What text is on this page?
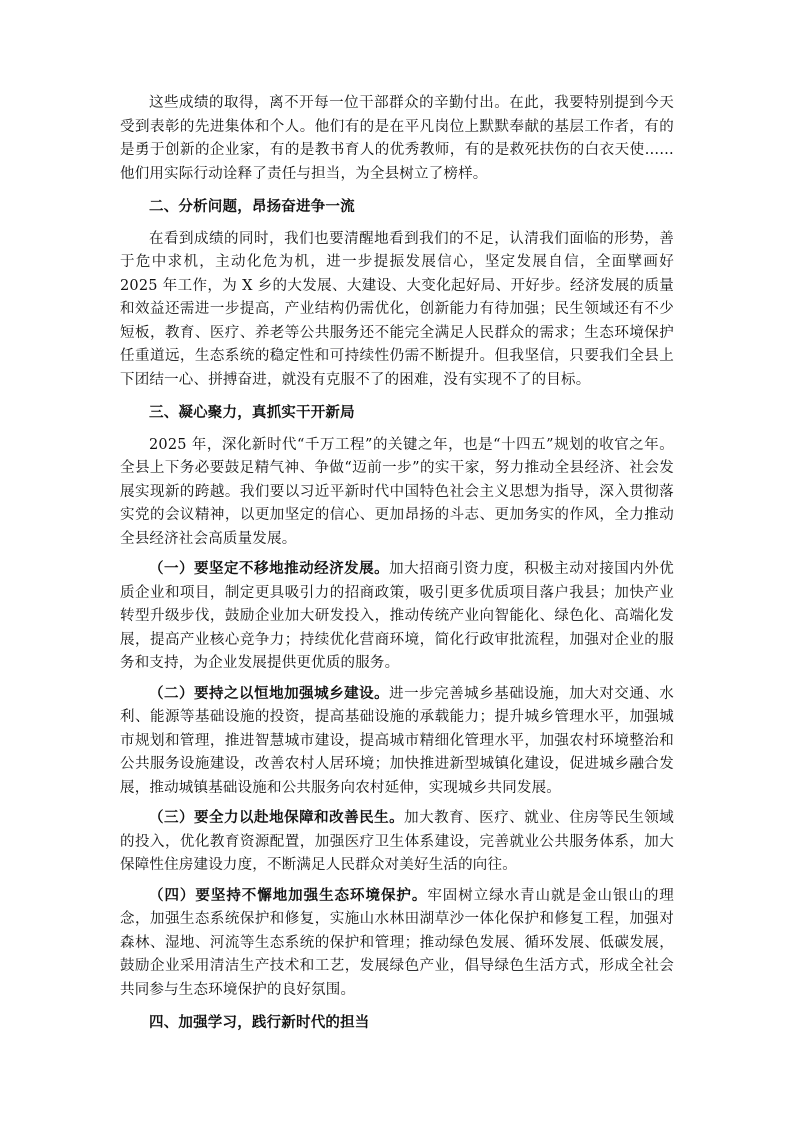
这些成绩的取得，离不开每一位干部群众的辛勤付出。在此，我要特别提到今天受到表彰的先进集体和个人。他们有的是在平凡岗位上默默奉献的基层工作者，有的是勇于创新的企业家，有的是教书育人的优秀教师，有的是救死扶伤的白衣天使……他们用实际行动诠释了责任与担当，为全县树立了榜样。

二、分析问题，昂扬奋进争一流

在看到成绩的同时，我们也要清醒地看到我们的不足，认清我们面临的形势，善于危中求机，主动化危为机，进一步提振发展信心，坚定发展自信，全面擘画好 2025 年工作，为 X 乡的大发展、大建设、大变化起好局、开好步。经济发展的质量和效益还需进一步提高，产业结构仍需优化，创新能力有待加强；民生领域还有不少短板，教育、医疗、养老等公共服务还不能完全满足人民群众的需求；生态环境保护任重道远，生态系统的稳定性和可持续性仍需不断提升。但我坚信，只要我们全县上下团结一心、拼搏奋进，就没有克服不了的困难，没有实现不了的目标。

三、凝心聚力，真抓实干开新局

2025 年，深化新时代“千万工程”的关键之年，也是“十四五”规划的收官之年。全县上下务必要鼓足精气神、争做“迈前一步”的实干家，努力推动全县经济、社会发展实现新的跨越。我们要以习近平新时代中国特色社会主义思想为指导，深入贯彻落实党的会议精神，以更加坚定的信心、更加昂扬的斗志、更加务实的作风，全力推动全县经济社会高质量发展。

（一）要坚定不移地推动经济发展。加大招商引资力度，积极主动对接国内外优质企业和项目，制定更具吸引力的招商政策，吸引更多优质项目落户我县；加快产业转型升级步伐，鼓励企业加大研发投入，推动传统产业向智能化、绿色化、高端化发展，提高产业核心竞争力；持续优化营商环境，简化行政审批流程，加强对企业的服务和支持，为企业发展提供更优质的服务。

（二）要持之以恒地加强城乡建设。进一步完善城乡基础设施，加大对交通、水利、能源等基础设施的投资，提高基础设施的承载能力；提升城乡管理水平，加强城市规划和管理，推进智慧城市建设，提高城市精细化管理水平，加强农村环境整治和公共服务设施建设，改善农村人居环境；加快推进新型城镇化建设，促进城乡融合发展，推动城镇基础设施和公共服务向农村延伸，实现城乡共同发展。

（三）要全力以赴地保障和改善民生。加大教育、医疗、就业、住房等民生领域的投入，优化教育资源配置，加强医疗卫生体系建设，完善就业公共服务体系，加大保障性住房建设力度，不断满足人民群众对美好生活的向往。

（四）要坚持不懈地加强生态环境保护。牢固树立绿水青山就是金山银山的理念，加强生态系统保护和修复，实施山水林田湖草沙一体化保护和修复工程，加强对森林、湿地、河流等生态系统的保护和管理；推动绿色发展、循环发展、低碳发展，鼓励企业采用清洁生产技术和工艺，发展绿色产业，倡导绿色生活方式，形成全社会共同参与生态环境保护的良好氛围。

四、加强学习，践行新时代的担当
